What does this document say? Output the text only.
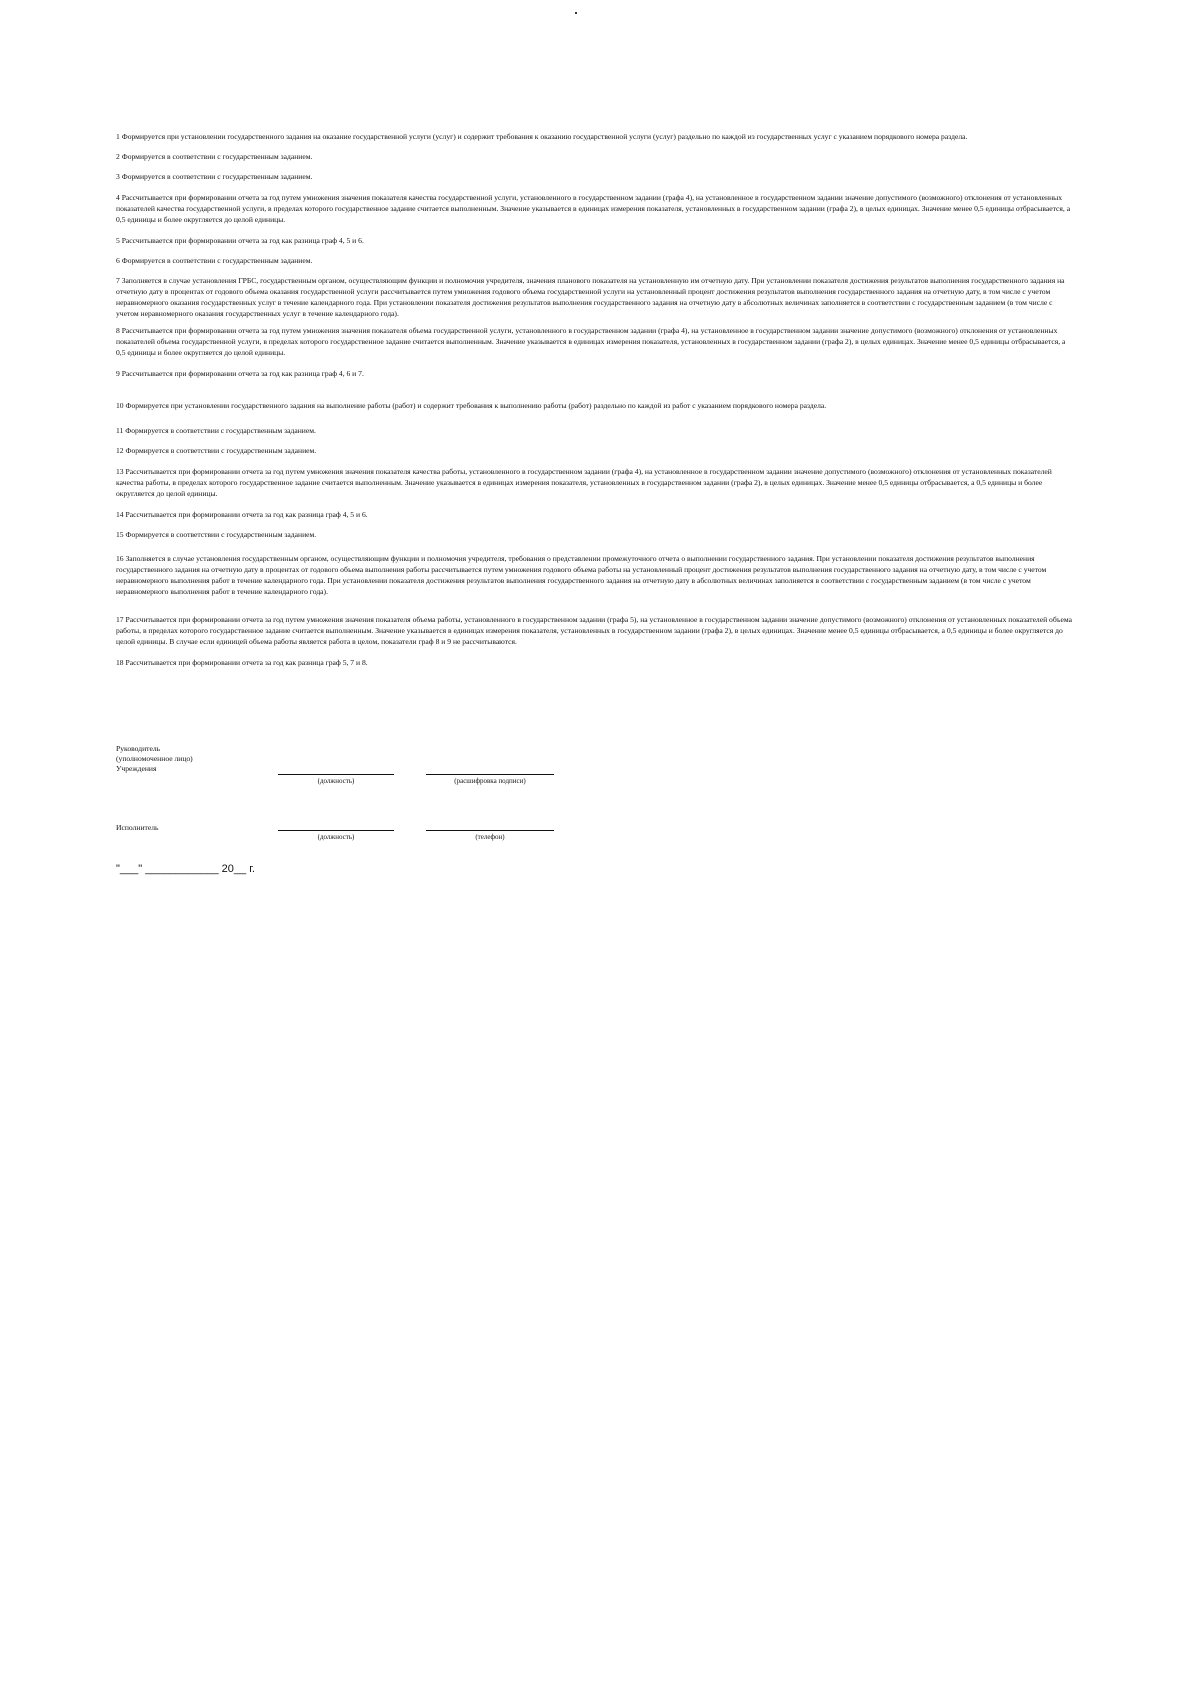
1 Формируется при установлении государственного задания на оказание государственной услуги (услуг) и содержит требования к оказанию государственной услуги (услуг) раздельно по каждой из государственных услуг с указанием порядкового номера раздела.

2 Формируется в соответствии с государственным заданием.

3 Формируется в соответствии с государственным заданием.

4 Рассчитывается при формировании отчета за год путем умножения значения показателя качества государственной услуги, установленного в государственном задании (графа 4), на установленное в государственном задании значение допустимого (возможного) отклонения от установленных показателей качества государственной услуги, в пределах которого государственное задание считается выполненным. Значение указывается в единицах измерения показателя, установленных в государственном задании (графа 2), в целых единицах. Значение менее 0,5 единицы отбрасывается, а 0,5 единицы и более округляется до целой единицы.

5 Рассчитывается при формировании отчета за год как разница граф 4, 5 и 6.

6 Формируется в соответствии с государственным заданием.

7 Заполняется в случае установления ГРБС, государственным органом, осуществляющим функции и полномочия учредителя, значения планового показателя на установленную им отчетную дату. При установлении показателя достижения результатов выполнения государственного задания на отчетную дату в процентах от годового объема оказания государственной услуги рассчитывается путем умножения годового объема государственной услуги на установленный процент достижения результатов выполнения государственного задания на отчетную дату, в том числе с учетом неравномерного оказания государственных услуг в течение календарного года. При установлении показателя достижения результатов выполнения государственного задания на отчетную дату в абсолютных величинах заполняется в соответствии с государственным заданием (в том числе с учетом неравномерного оказания государственных услуг в течение календарного года).

8 Рассчитывается при формировании отчета за год путем умножения значения показателя объема государственной услуги, установленного в государственном задании (графа 4), на установленное в государственном задании значение допустимого (возможного) отклонения от установленных показателей объема государственной услуги, в пределах которого государственное задание считается выполненным. Значение указывается в единицах измерения показателя, установленных в государственном задании (графа 2), в целых единицах. Значение менее 0,5 единицы отбрасывается, а 0,5 единицы и более округляется до целой единицы.

9 Рассчитывается при формировании отчета за год как разница граф 4, 6 и 7.

10 Формируется при установлении государственного задания на выполнение работы (работ) и содержит требования к выполнению работы (работ) раздельно по каждой из работ с указанием порядкового номера раздела.

11 Формируется в соответствии с государственным заданием.

12 Формируется в соответствии с государственным заданием.

13 Рассчитывается при формировании отчета за год путем умножения значения показателя качества работы, установленного в государственном задании (графа 4), на установленное в государственном задании значение допустимого (возможного) отклонения от установленных показателей качества работы, в пределах которого государственное задание считается выполненным. Значение указывается в единицах измерения показателя, установленных в государственном задании (графа 2), в целых единицах. Значение менее 0,5 единицы отбрасывается, а 0,5 единицы и более округляется до целой единицы.

14 Рассчитывается при формировании отчета за год как разница граф 4, 5 и 6.

15 Формируется в соответствии с государственным заданием.

16 Заполняется в случае установления государственным органом, осуществляющим функции и полномочия учредителя, требования о представлении промежуточного отчета о выполнении государственного задания. При установлении показателя достижения результатов выполнения государственного задания на отчетную дату в процентах от годового объема выполнения работы рассчитывается путем умножения годового объема работы на установленный процент достижения результатов выполнения государственного задания на отчетную дату, в том числе с учетом неравномерного выполнения работ в течение календарного года. При установлении показателя достижения результатов выполнения государственного задания на отчетную дату в абсолютных величинах заполняется в соответствии с государственным заданием (в том числе с учетом неравномерного выполнения работ в течение календарного года).

17 Рассчитывается при формировании отчета за год путем умножения значения показателя объема работы, установленного в государственном задании (графа 5), на установленное в государственном задании значение допустимого (возможного) отклонения от установленных показателей объема работы, в пределах которого государственное задание считается выполненным. Значение указывается в единицах измерения показателя, установленных в государственном задании (графа 2), в целых единицах. Значение менее 0,5 единицы отбрасывается, а 0,5 единицы и более округляется до целой единицы. В случае если единицей объема работы является работа в целом, показатели граф 8 и 9 не рассчитываются.

18 Рассчитывается при формировании отчета за год как разница граф 5, 7 и 8.

Руководитель
(уполномоченное лицо)
Учреждения
(должность)	(расшифровка подписи)
Исполнитель
(должность)	(телефон)
"___" ____________ 20__ г.
